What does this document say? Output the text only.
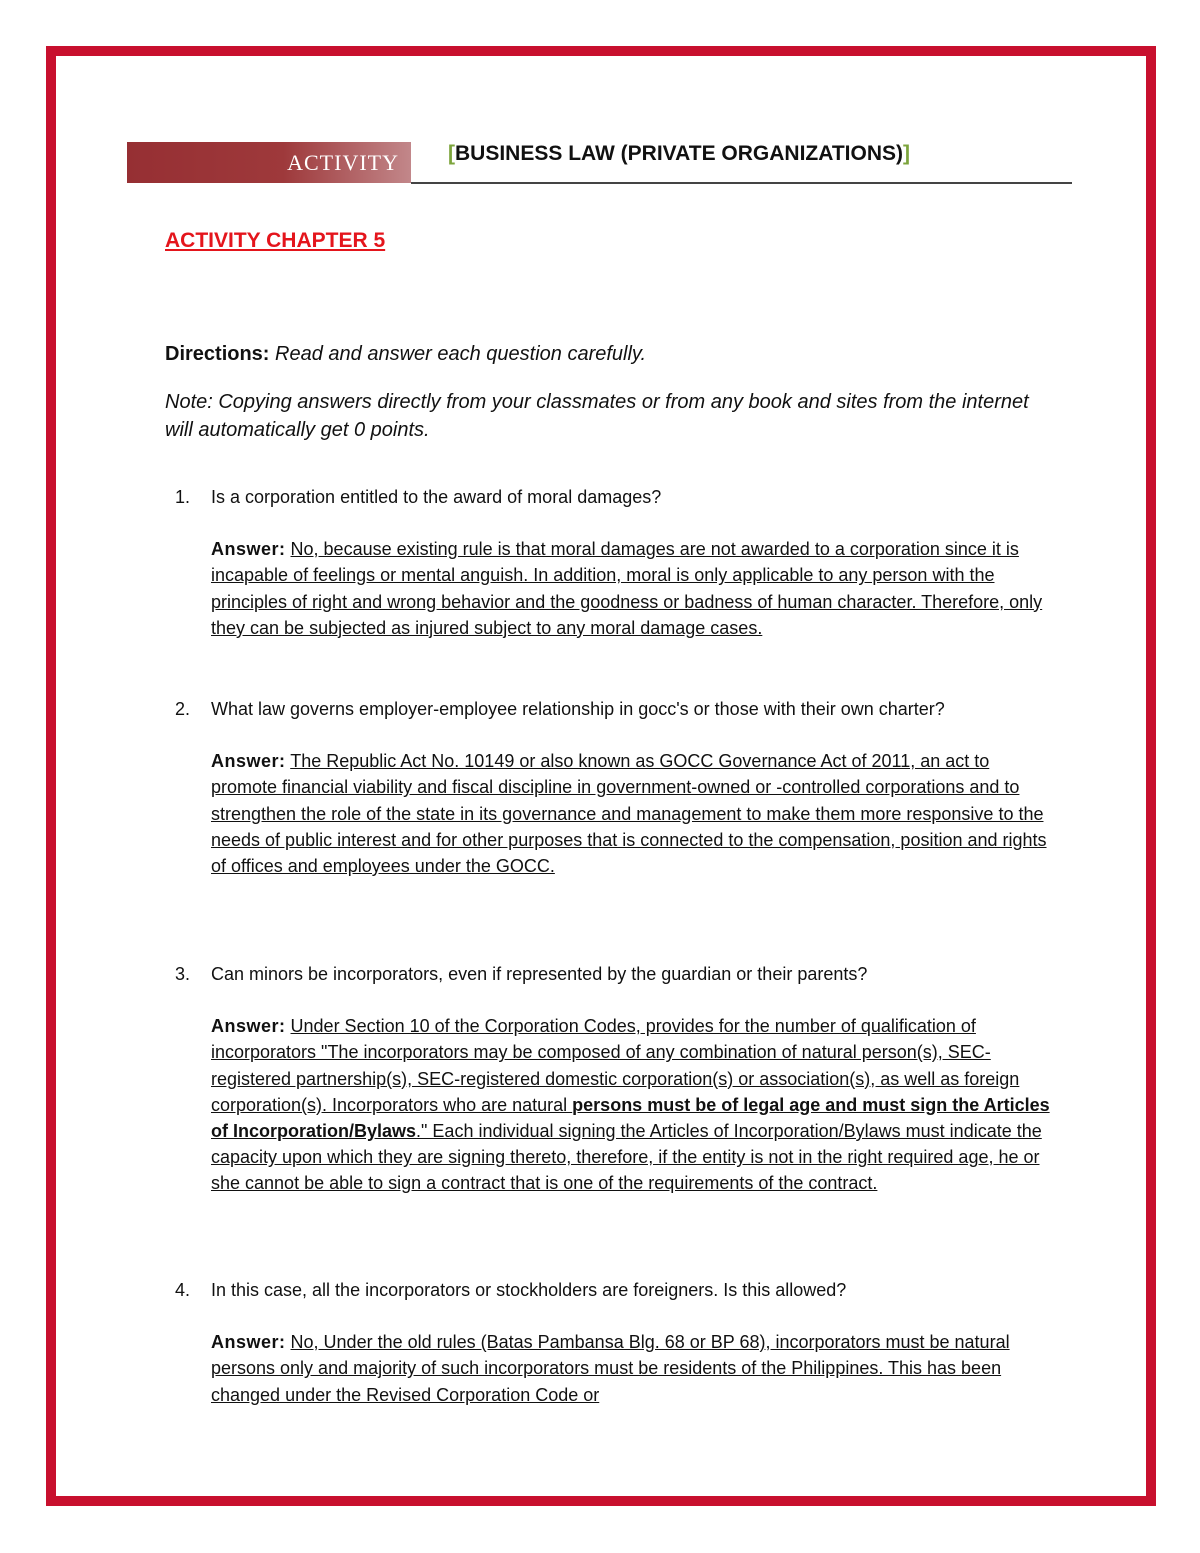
ACTIVITY [BUSINESS LAW (PRIVATE ORGANIZATIONS)]
ACTIVITY CHAPTER 5
Directions: Read and answer each question carefully.
Note: Copying answers directly from your classmates or from any book and sites from the internet will automatically get 0 points.
1.	Is a corporation entitled to the award of moral damages?
Answer: No, because existing rule is that moral damages are not awarded to a corporation since it is incapable of feelings or mental anguish. In addition, moral is only applicable to any person with the principles of right and wrong behavior and the goodness or badness of human character. Therefore, only they can be subjected as injured subject to any moral damage cases.
2.	What law governs employer-employee relationship in gocc's or those with their own charter?
Answer: The Republic Act No. 10149 or also known as GOCC Governance Act of 2011, an act to promote financial viability and fiscal discipline in government-owned or -controlled corporations and to strengthen the role of the state in its governance and management to make them more responsive to the needs of public interest and for other purposes that is connected to the compensation, position and rights of offices and employees under the GOCC.
3.	Can minors be incorporators, even if represented by the guardian or their parents?
Answer: Under Section 10 of the Corporation Codes, provides for the number of qualification of incorporators "The incorporators may be composed of any combination of natural person(s), SEC-registered partnership(s), SEC-registered domestic corporation(s) or association(s), as well as foreign corporation(s). Incorporators who are natural persons must be of legal age and must sign the Articles of Incorporation/Bylaws." Each individual signing the Articles of Incorporation/Bylaws must indicate the capacity upon which they are signing thereto, therefore, if the entity is not in the right required age, he or she cannot be able to sign a contract that is one of the requirements of the contract.
4.	In this case, all the incorporators or stockholders are foreigners. Is this allowed?
Answer: No, Under the old rules (Batas Pambansa Blg. 68 or BP 68), incorporators must be natural persons only and majority of such incorporators must be residents of the Philippines. This has been changed under the Revised Corporation Code or
